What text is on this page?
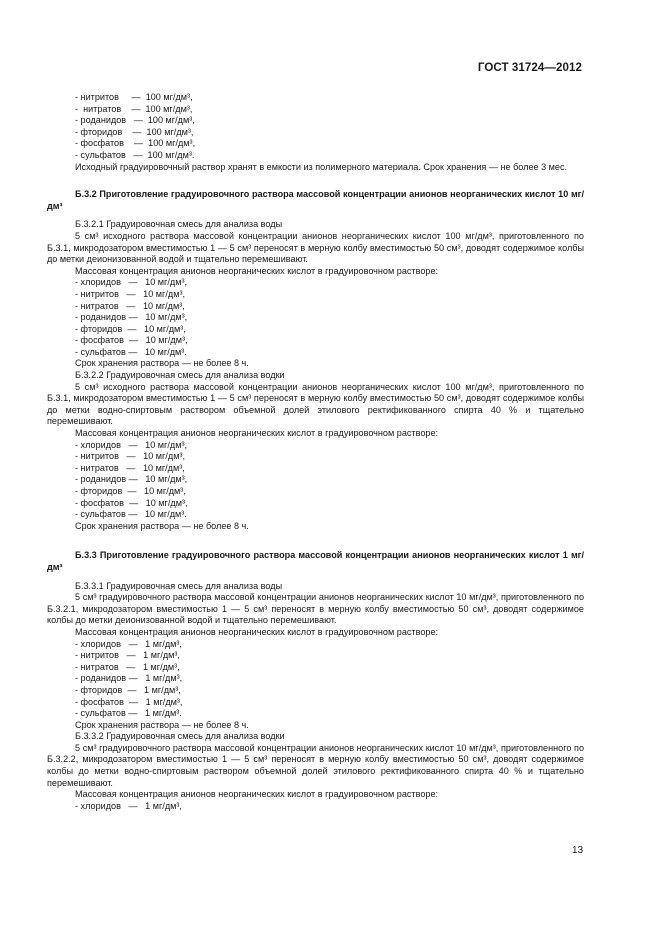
ГОСТ 31724—2012
- нитритов     —  100 мг/дм³,
-  нитратов    —  100 мг/дм³,
- роданидов   —  100 мг/дм³,
- фторидов    —  100 мг/дм³,
- фосфатов    —  100 мг/дм³,
- сульфатов   —  100 мг/дм³.

Исходный градуировочный раствор хранят в емкости из полимерного материала. Срок хранения — не более 3 мес.

Б.3.2 Приготовление градуировочного раствора массовой концентрации анионов неорганических кислот 10 мг/дм³
Б.3.2.1 Градуировочная смесь для анализа воды

5 см³ исходного раствора массовой концентрации анионов неорганических кислот 100 мг/дм³, приготовленного по Б.3.1, микродозатором вместимостью 1 — 5 см³ переносят в мерную колбу вместимостью 50 см³, доводят содержимое колбы до метки деионизованной водой и тщательно перемешивают.

Массовая концентрация анионов неорганических кислот в градуировочном растворе:
- хлоридов   —   10 мг/дм³,
- нитритов   —   10 мг/дм³,
- нитратов   —   10 мг/дм³,
- роданидов —   10 мг/дм³,
- фторидов  —   10 мг/дм³,
- фосфатов  —   10 мг/дм³,
- сульфатов —   10 мг/дм³.
Срок хранения раствора — не более 8 ч.
Б.3.2.2 Градуировочная смесь для анализа водки

5 см³ исходного раствора массовой концентрации анионов неорганических кислот 100 мг/дм³, приготовленного по Б.3.1, микродозатором вместимостью 1 — 5 см³ переносят в мерную колбу вместимостью 50 см³, доводят содержимое колбы до метки водно-спиртовым раствором объемной долей этилового ректификованного спирта 40 % и тщательно перемешивают.

Массовая концентрация анионов неорганических кислот в градуировочном растворе:
- хлоридов   —   10 мг/дм³,
- нитритов   —   10 мг/дм³,
- нитратов   —   10 мг/дм³,
- роданидов —   10 мг/дм³,
- фторидов  —   10 мг/дм³,
- фосфатов  —   10 мг/дм³,
- сульфатов —   10 мг/дм³.
Срок хранения раствора — не более 8 ч.
Б.3.3 Приготовление градуировочного раствора массовой концентрации анионов неорганических кислот 1 мг/дм³
Б.3.3.1 Градуировочная смесь для анализа воды

5 см³ градуировочного раствора массовой концентрации анионов неорганических кислот 10 мг/дм³, приготовленного по Б.3.2.1, микродозатором вместимостью 1 — 5 см³ переносят в мерную колбу вместимостью 50 см³, доводят содержимое колбы до метки деионизованной водой и тщательно перемешивают.

Массовая концентрация анионов неорганических кислот в градуировочном растворе:
- хлоридов   —   1 мг/дм³,
- нитритов   —   1 мг/дм³,
- нитратов   —   1 мг/дм³,
- роданидов —   1 мг/дм³,
- фторидов  —   1 мг/дм³,
- фосфатов  —   1 мг/дм³,
- сульфатов —   1 мг/дм³.
Срок хранения раствора — не более 8 ч.
Б.3.3.2 Градуировочная смесь для анализа водки

5 см³ градуировочного раствора массовой концентрации анионов неорганических кислот 10 мг/дм³, приготовленного по Б.3.2.2, микродозатором вместимостью 1 — 5 см³ переносят в мерную колбу вместимостью 50 см³, доводят содержимое колбы до метки водно-спиртовым раствором объемной долей этилового ректификованного спирта 40 % и тщательно перемешивают.

Массовая концентрация анионов неорганических кислот в градуировочном растворе:
- хлоридов   —   1 мг/дм³,
13
